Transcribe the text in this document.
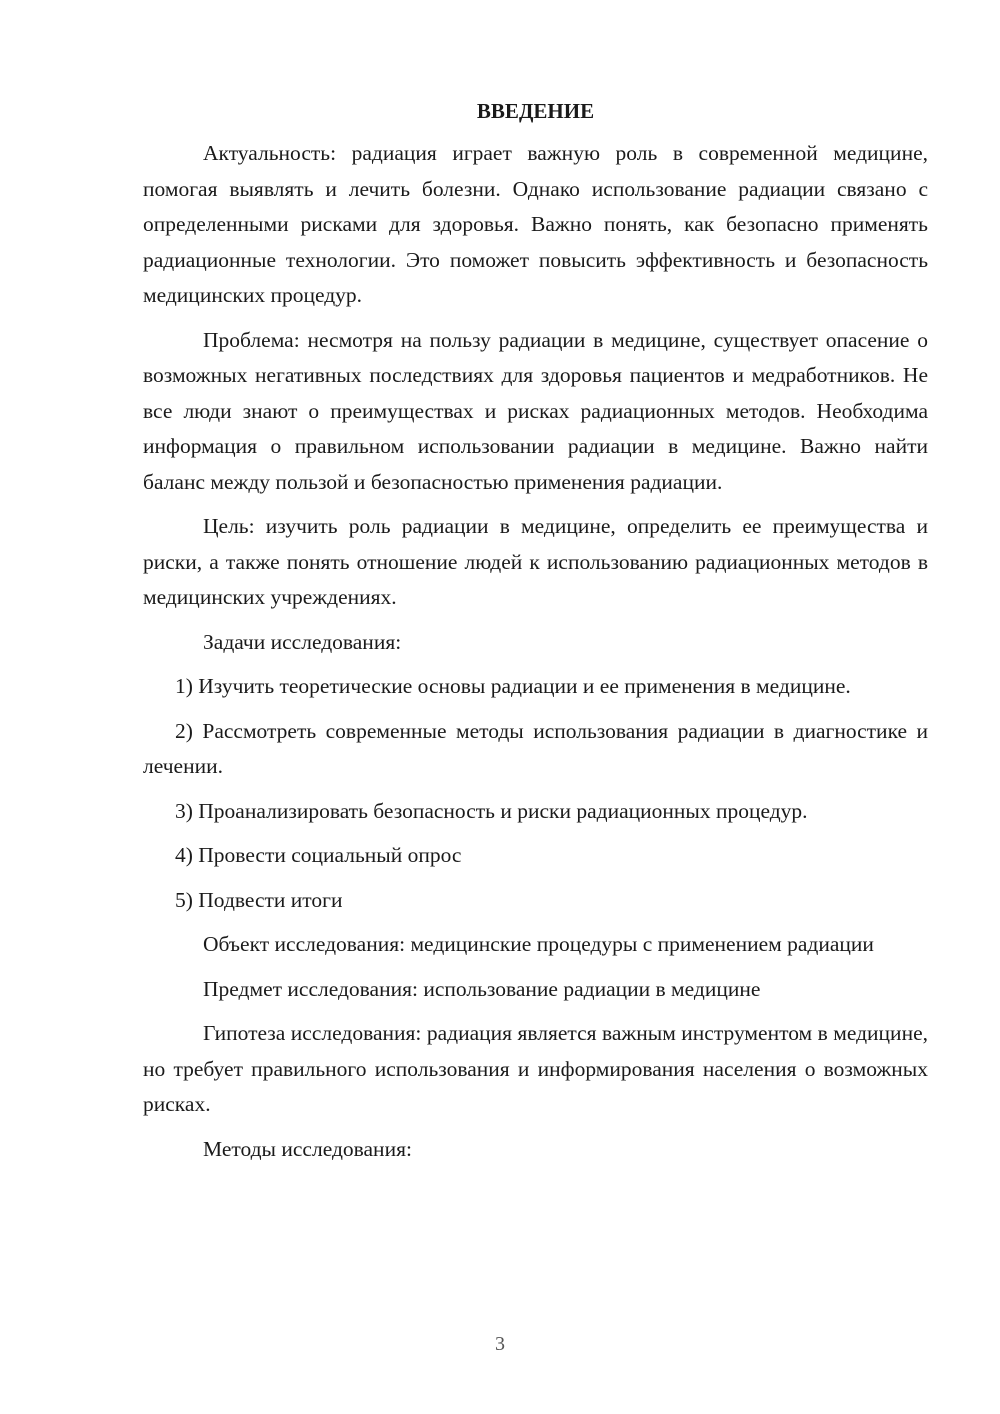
ВВЕДЕНИЕ
Актуальность: радиация играет важную роль в современной медицине, помогая выявлять и лечить болезни. Однако использование радиации связано с определенными рисками для здоровья. Важно понять, как безопасно применять радиационные технологии. Это поможет повысить эффективность и безопасность медицинских процедур.
Проблема: несмотря на пользу радиации в медицине, существует опасение о возможных негативных последствиях для здоровья пациентов и медработников. Не все люди знают о преимуществах и рисках радиационных методов. Необходима информация о правильном использовании радиации в медицине. Важно найти баланс между пользой и безопасностью применения радиации.
Цель: изучить роль радиации в медицине, определить ее преимущества и риски, а также понять отношение людей к использованию радиационных методов в медицинских учреждениях.
Задачи исследования:
1) Изучить теоретические основы радиации и ее применения в медицине.
2) Рассмотреть современные методы использования радиации в диагностике и лечении.
3) Проанализировать безопасность и риски радиационных процедур.
4) Провести социальный опрос
5) Подвести итоги
Объект исследования: медицинские процедуры с применением радиации
Предмет исследования: использование радиации в медицине
Гипотеза исследования: радиация является важным инструментом в медицине, но требует правильного использования и информирования населения о возможных рисках.
Методы исследования:
3
